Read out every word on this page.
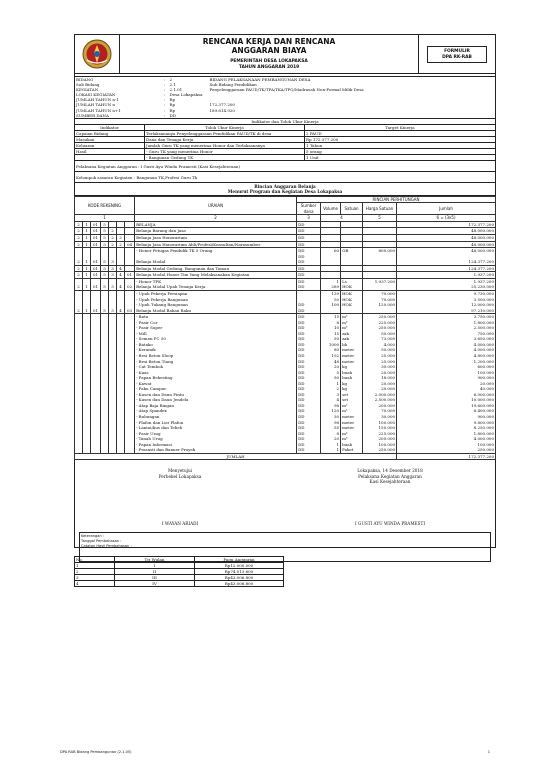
RENCANA KERJA DAN RENCANA
ANGGARAN BIAYA
PEMERINTAH DESA LOKAPAKSA
TAHUN ANGGARAN 2019
FORMULIR
DPA RK-RAB
BIDANG	:	2	BIDANG PELAKSANAAN PEMBANGUNAN DESA
Sub Bidang	:	2.1	Sub Bidang Pendidikan
KEGIATAN	:	2.1.01	Penyelenggaraan PAUD/TK/TPA/TKA/TPQ/Madrasah Non-Formal Milik Desa
LOKASI KEGIATAN	:	Desa Lokapaksa	
JUMLAH TAHUN n-1	:	Rp	
JUMLAH TAHUN n	:	Rp	172.377.200
JUMLAH TAHUN n+1	:	Rp	189.614.920
SUMBER DANA	:	DD	
Indikator dan Tolok Ukur Kinerja		
Indikator	Tolok Ukur Kinerja	Target Kinerja
Capaian Bidang	Terlaksananya Penyelenggaraan Pendidikan PAUD/TK di desa	2 PAUD
Masukan	Dana dan Tenaga Kerja	Rp 172.377.200
Keluaran	Jumlah Guru TK yang menerima Honor dan Terlaksananya	1 Tahun
Hasil	- Guru TK yang menerima Honor	5 orang
	- Bangunan Gedung TK	1 Unit
Pelaksana Kegiatan Anggaran : I Gusti Ayu Winda Pramesti (Kasi Kesejahteraan)
Kelompok sasaran Kegiatan : Bangunan TK,Profesi Guru Tk
Rincian Anggaran Belanja
Menurut Program dan Kegiatan Desa Lokapaksa
KODE REKENING							URAIAN	RINCIAN PERHITUNGAN				
								Sumber dana	Volume	Satuan	Harga Satuan	Jumlah
1							2	3	4		5	6 = (3x5)
2	1	01	5				BELANJA	DD				172.377.200
2	1	01	5	2			Belanja Barang dan Jasa	DD				48.000.000
2	1	01	5	2	2		Belanja Jasa Honorarium	DD				48.000.000
2	1	01	5	2	2	04	Belanja Jasa Honorarium Ahli/Profesi/Konsultan/Narasumber	DD				48.000.000
							- Honor Petugas Pendidik TK 5 Orang	DD	60	OB	800.000	48.000.000
								DD				
2	1	01	5	3			Belanja Modal	DD				124.377.200
2	1	01	5	3	4		Belanja Modal Gedung, Bangunan dan Taman	DD				124.377.200
2	1	01	5	3	4	01	Belanja Modal Honor Tim Yang Melaksanakan Kegiatan	DD				1.937.200
							- Honor TPK	DD	1	Ls	1.937.200	1.937.200
2	1	01	5	3	4	02	Belanja Modal Upah Tenaga Kerja	DD	289	HOK		25.230.000
							- Upah Pekerja Persiapan		139	HOK	70.000	9.730.000
							- Upah Pekerja Bangunan		50	HOK	70.000	3.500.000
							- Upah Tukang Bangunan	DD	100	HOK	120.000	12.000.000
2	1	01	5	3	4	03	Belanja Modal Bahan Baku	DD				97.210.000

							- Batu	DD	15	m³	250.000	3.750.000
							- Pasir Cor	DD	8	m³	225.000	1.800.000
							- Pasir Super	DD	10	m³	250.000	2.500.000
							- Mill	DD	15	zak	50.000	750.000
							- Semen PC 50	DD	50	zak	73.000	3.650.000
							- Batako	DD	1000	bh	4.000	4.000.000
							- Keramik	DD	80	meter	50.000	4.000.000
							- Besi Beton Sloop	DD	192	meter	25.000	4.800.000
							- Besi Beton Tiang	DD	48	meter	25.000	1.200.000
							- Cat Tembok	DD	20	kg	30.000	600.000
							- Kuas	DD	5	buah	20.000	100.000
							- Papan Bekesting	DD	50	buah	18.000	900.000
							- Kawat	DD	1	kg	20.000	20.000
							- Paku Campur	DD	2	kg	20.000	40.000
							- Kusen dan Daun Pintu	DD	3	set	2.000.000	6.000.000
							- Kusen dan Daun Jendela	DD	4	set	2.500.000	10.000.000
							- Atap Baja Ringan	DD	98	m²	200.000	19.600.000
							- Atap Spandex	DD	120	m²	70.000	8.400.000
							- Bubungan	DD	30	meter	30.000	900.000
							- Plafon dan List Plafon	DD	98	meter	100.000	9.800.000
							- Lantai/kus dan Tebeb	DD	55	meter	150.000	8.250.000
							- Pasir Urug	DD	8	m³	225.000	1.800.000
							- Tanah Urug	DD	20	m³	200.000	4.000.000
							- Papan Informasi	DD	1	buah	100.000	100.000
							- Prasasti dan Banner Proyek	DD	1	Paket	250.000	250.000
JUMLAH												172.377.200
Menyetujui
Perbekel Lokapaksa
Lokapaksa, 14 Desember 2018
Pelaksana Kegiatan Anggaran
Kasi Kesejahteraan
I WAYAN ARIADI	I GUSTI AYU WINDA PRAMESTI
Keterangan :
Tanggal Pembahasan :
Catatan Hasil Pembahasan :
No	Tri Wulan	Pagu Anggaran
1	I	Rp12.000.000
2	II	Rp74.013.600
3	III	Rp43.006.800
4	IV	Rp43.006.800
DPA RAB Bidang Pembangunan (2.1.05)	1
